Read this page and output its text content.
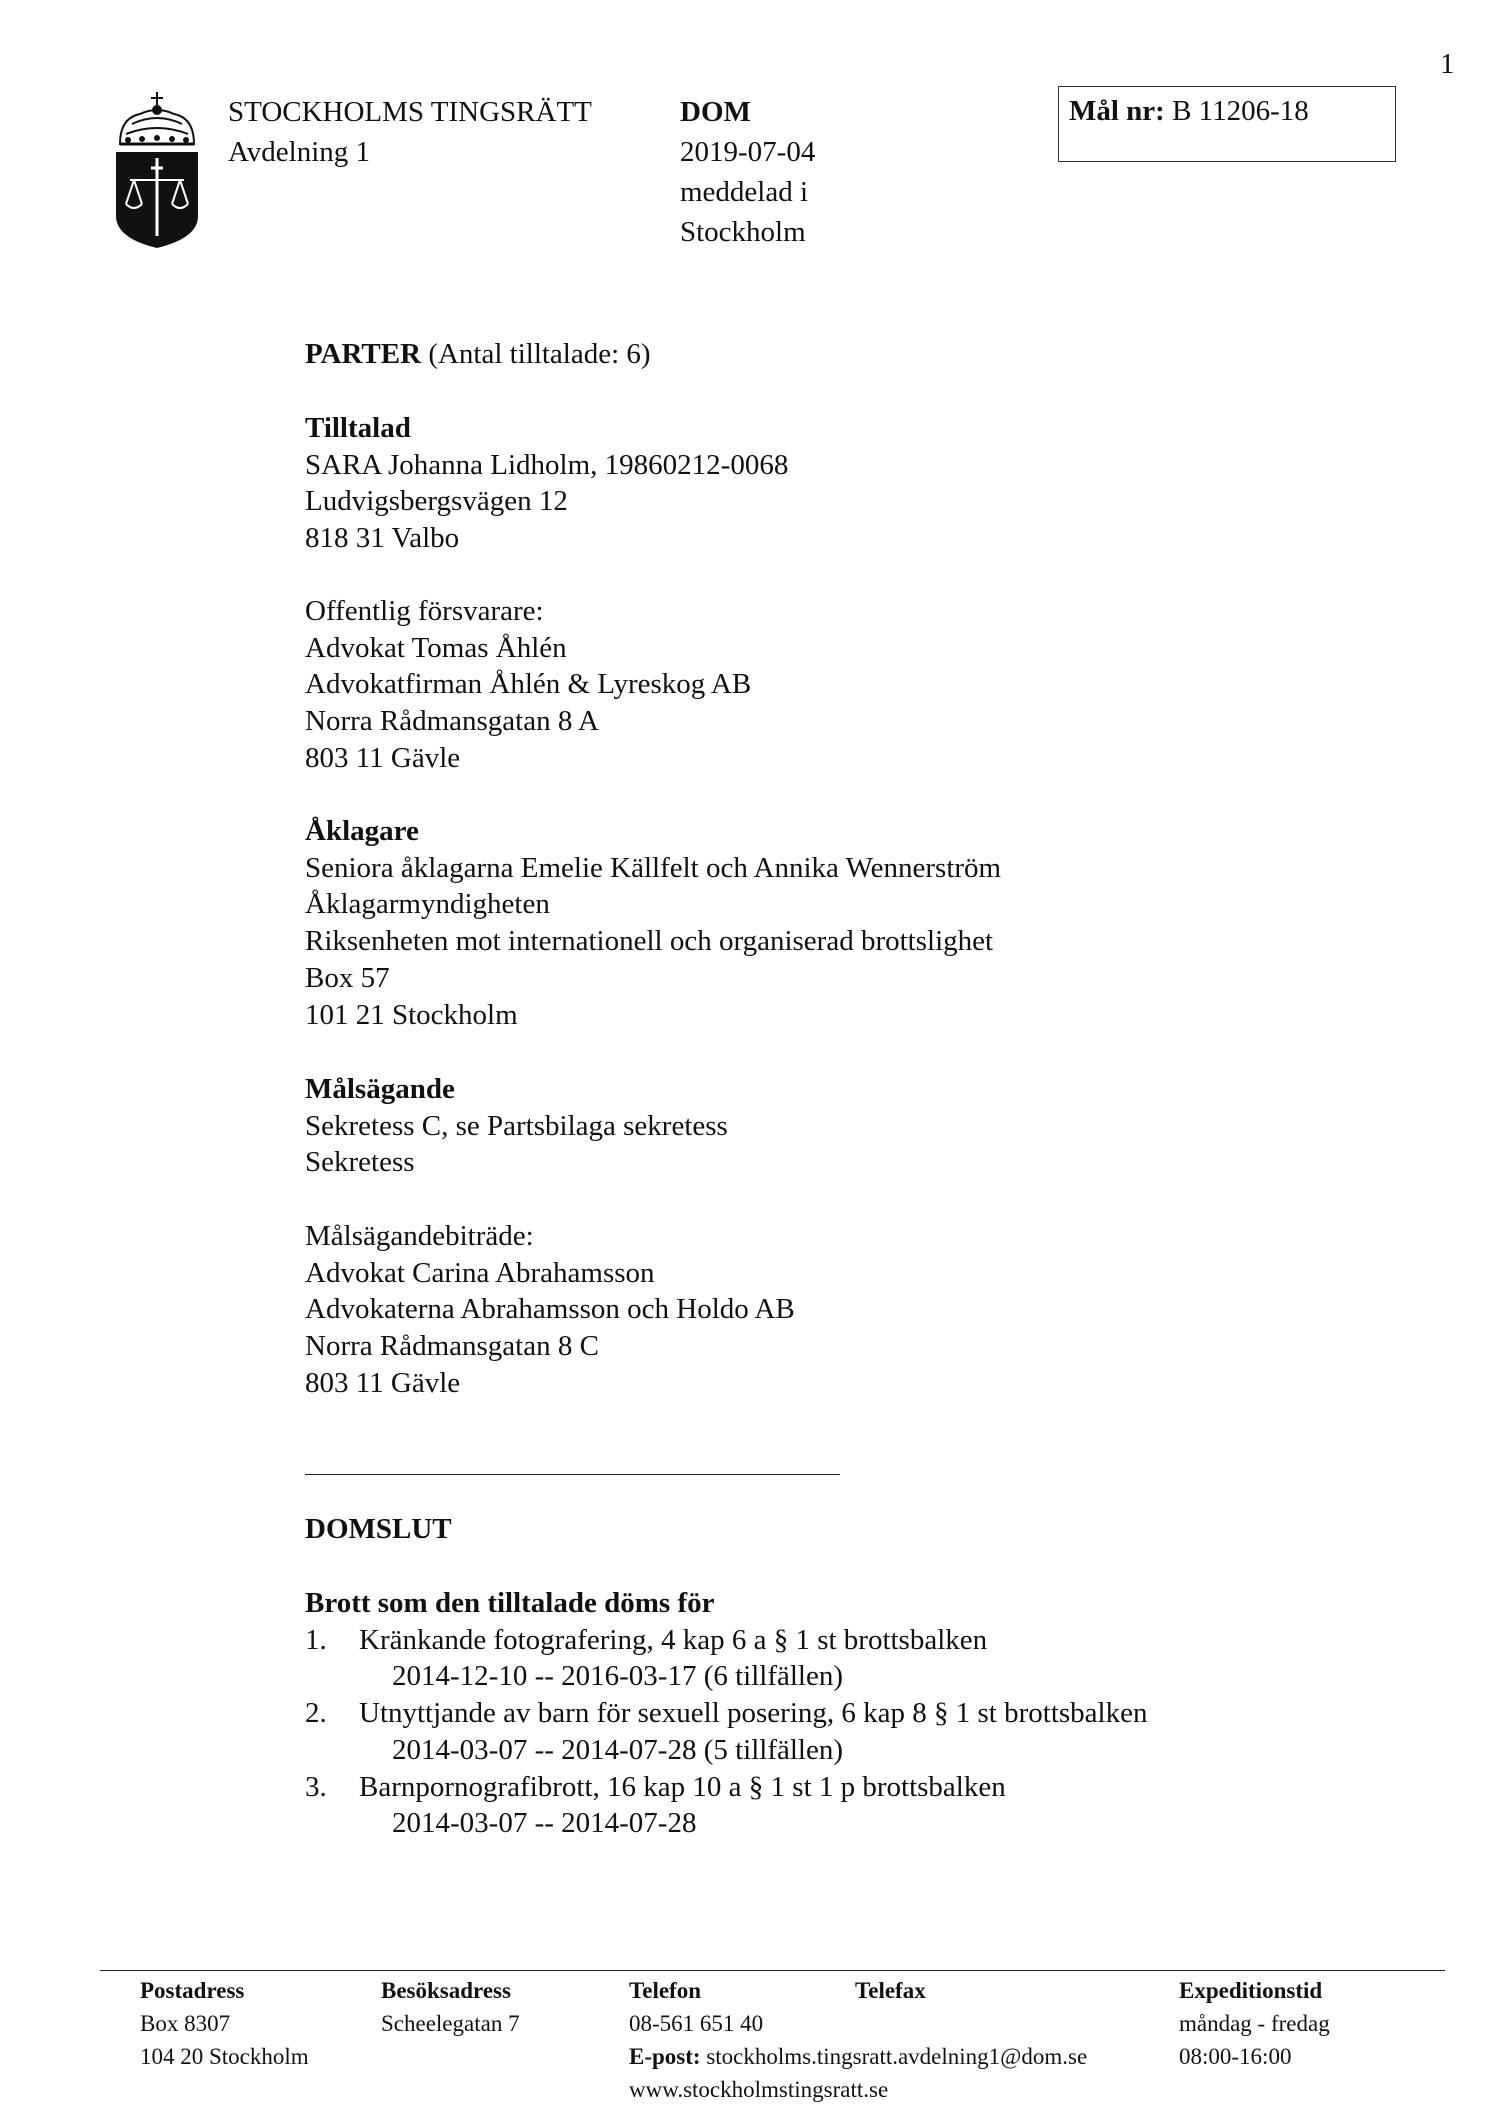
1
STOCKHOLMS TINGSRÄTT
Avdelning 1
DOM
2019-07-04
meddelad i
Stockholm
Mål nr: B 11206-18
PARTER (Antal tilltalade: 6)
Tilltalad
SARA Johanna Lidholm, 19860212-0068
Ludvigsbergsvägen 12
818 31 Valbo
Offentlig försvarare:
Advokat Tomas Åhlén
Advokatfirman Åhlén & Lyreskog AB
Norra Rådmansgatan 8 A
803 11 Gävle
Åklagare
Seniora åklagarna Emelie Källfelt och Annika Wennerström
Åklagarmyndigheten
Riksenheten mot internationell och organiserad brottslighet
Box 57
101 21 Stockholm
Målsägande
Sekretess C, se Partsbilaga sekretess
Sekretess
Målsägandebiträde:
Advokat Carina Abrahamsson
Advokaterna Abrahamsson och Holdo AB
Norra Rådmansgatan 8 C
803 11 Gävle
DOMSLUT
Brott som den tilltalade döms för
1.	Kränkande fotografering, 4 kap 6 a § 1 st brottsbalken
2014-12-10 -- 2016-03-17 (6 tillfällen)
2.	Utnyttjande av barn för sexuell posering, 6 kap 8 § 1 st brottsbalken
2014-03-07 -- 2014-07-28 (5 tillfällen)
3.	Barnpornografibrott, 16 kap 10 a § 1 st 1 p brottsbalken
2014-03-07 -- 2014-07-28
Postadress
Box 8307
104 20 Stockholm
Besöksadress
Scheelegatan 7
Telefon
08-561 651 40
E-post: stockholms.tingsratt.avdelning1@dom.se
www.stockholmstingsratt.se
Telefax	Expeditionstid
måndag - fredag
08:00-16:00
